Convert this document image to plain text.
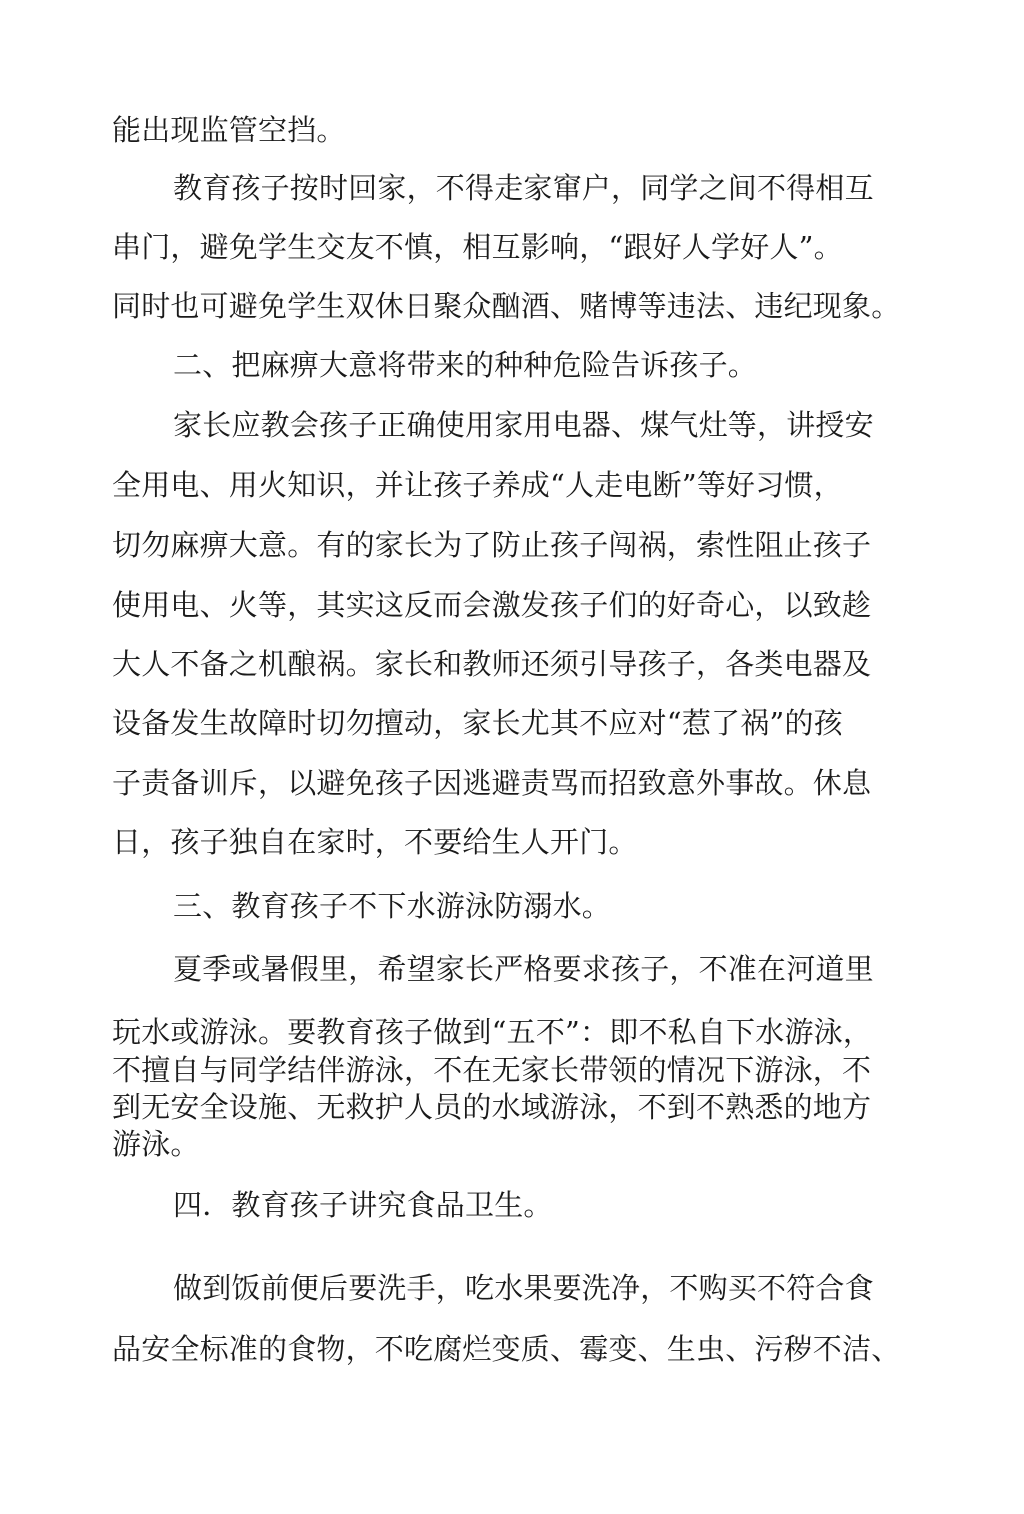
能出现监管空挡。
教育孩子按时回家，不得走家窜户，同学之间不得相互
串门，避免学生交友不慎，相互影响，“跟好人学好人”。
同时也可避免学生双休日聚众酗酒、赌博等违法、违纪现象。
二、把麻痹大意将带来的种种危险告诉孩子。
家长应教会孩子正确使用家用电器、煤气灶等，讲授安
全用电、用火知识，并让孩子养成“人走电断”等好习惯，
切勿麻痹大意。有的家长为了防止孩子闯祸，索性阻止孩子
使用电、火等，其实这反而会激发孩子们的好奇心，以致趁
大人不备之机酿祸。家长和教师还须引导孩子，各类电器及
设备发生故障时切勿擅动，家长尤其不应对“惹了祸”的孩
子责备训斥，以避免孩子因逃避责骂而招致意外事故。休息
日，孩子独自在家时，不要给生人开门。
三、教育孩子不下水游泳防溺水。
夏季或暑假里，希望家长严格要求孩子，不准在河道里
玩水或游泳。要教育孩子做到“五不”：即不私自下水游泳，
不擅自与同学结伴游泳，不在无家长带领的情况下游泳，不
到无安全设施、无救护人员的水域游泳，不到不熟悉的地方
游泳。
四．教育孩子讲究食品卫生。
做到饭前便后要洗手，吃水果要洗净，不购买不符合食
品安全标准的食物，不吃腐烂变质、霉变、生虫、污秽不洁、
